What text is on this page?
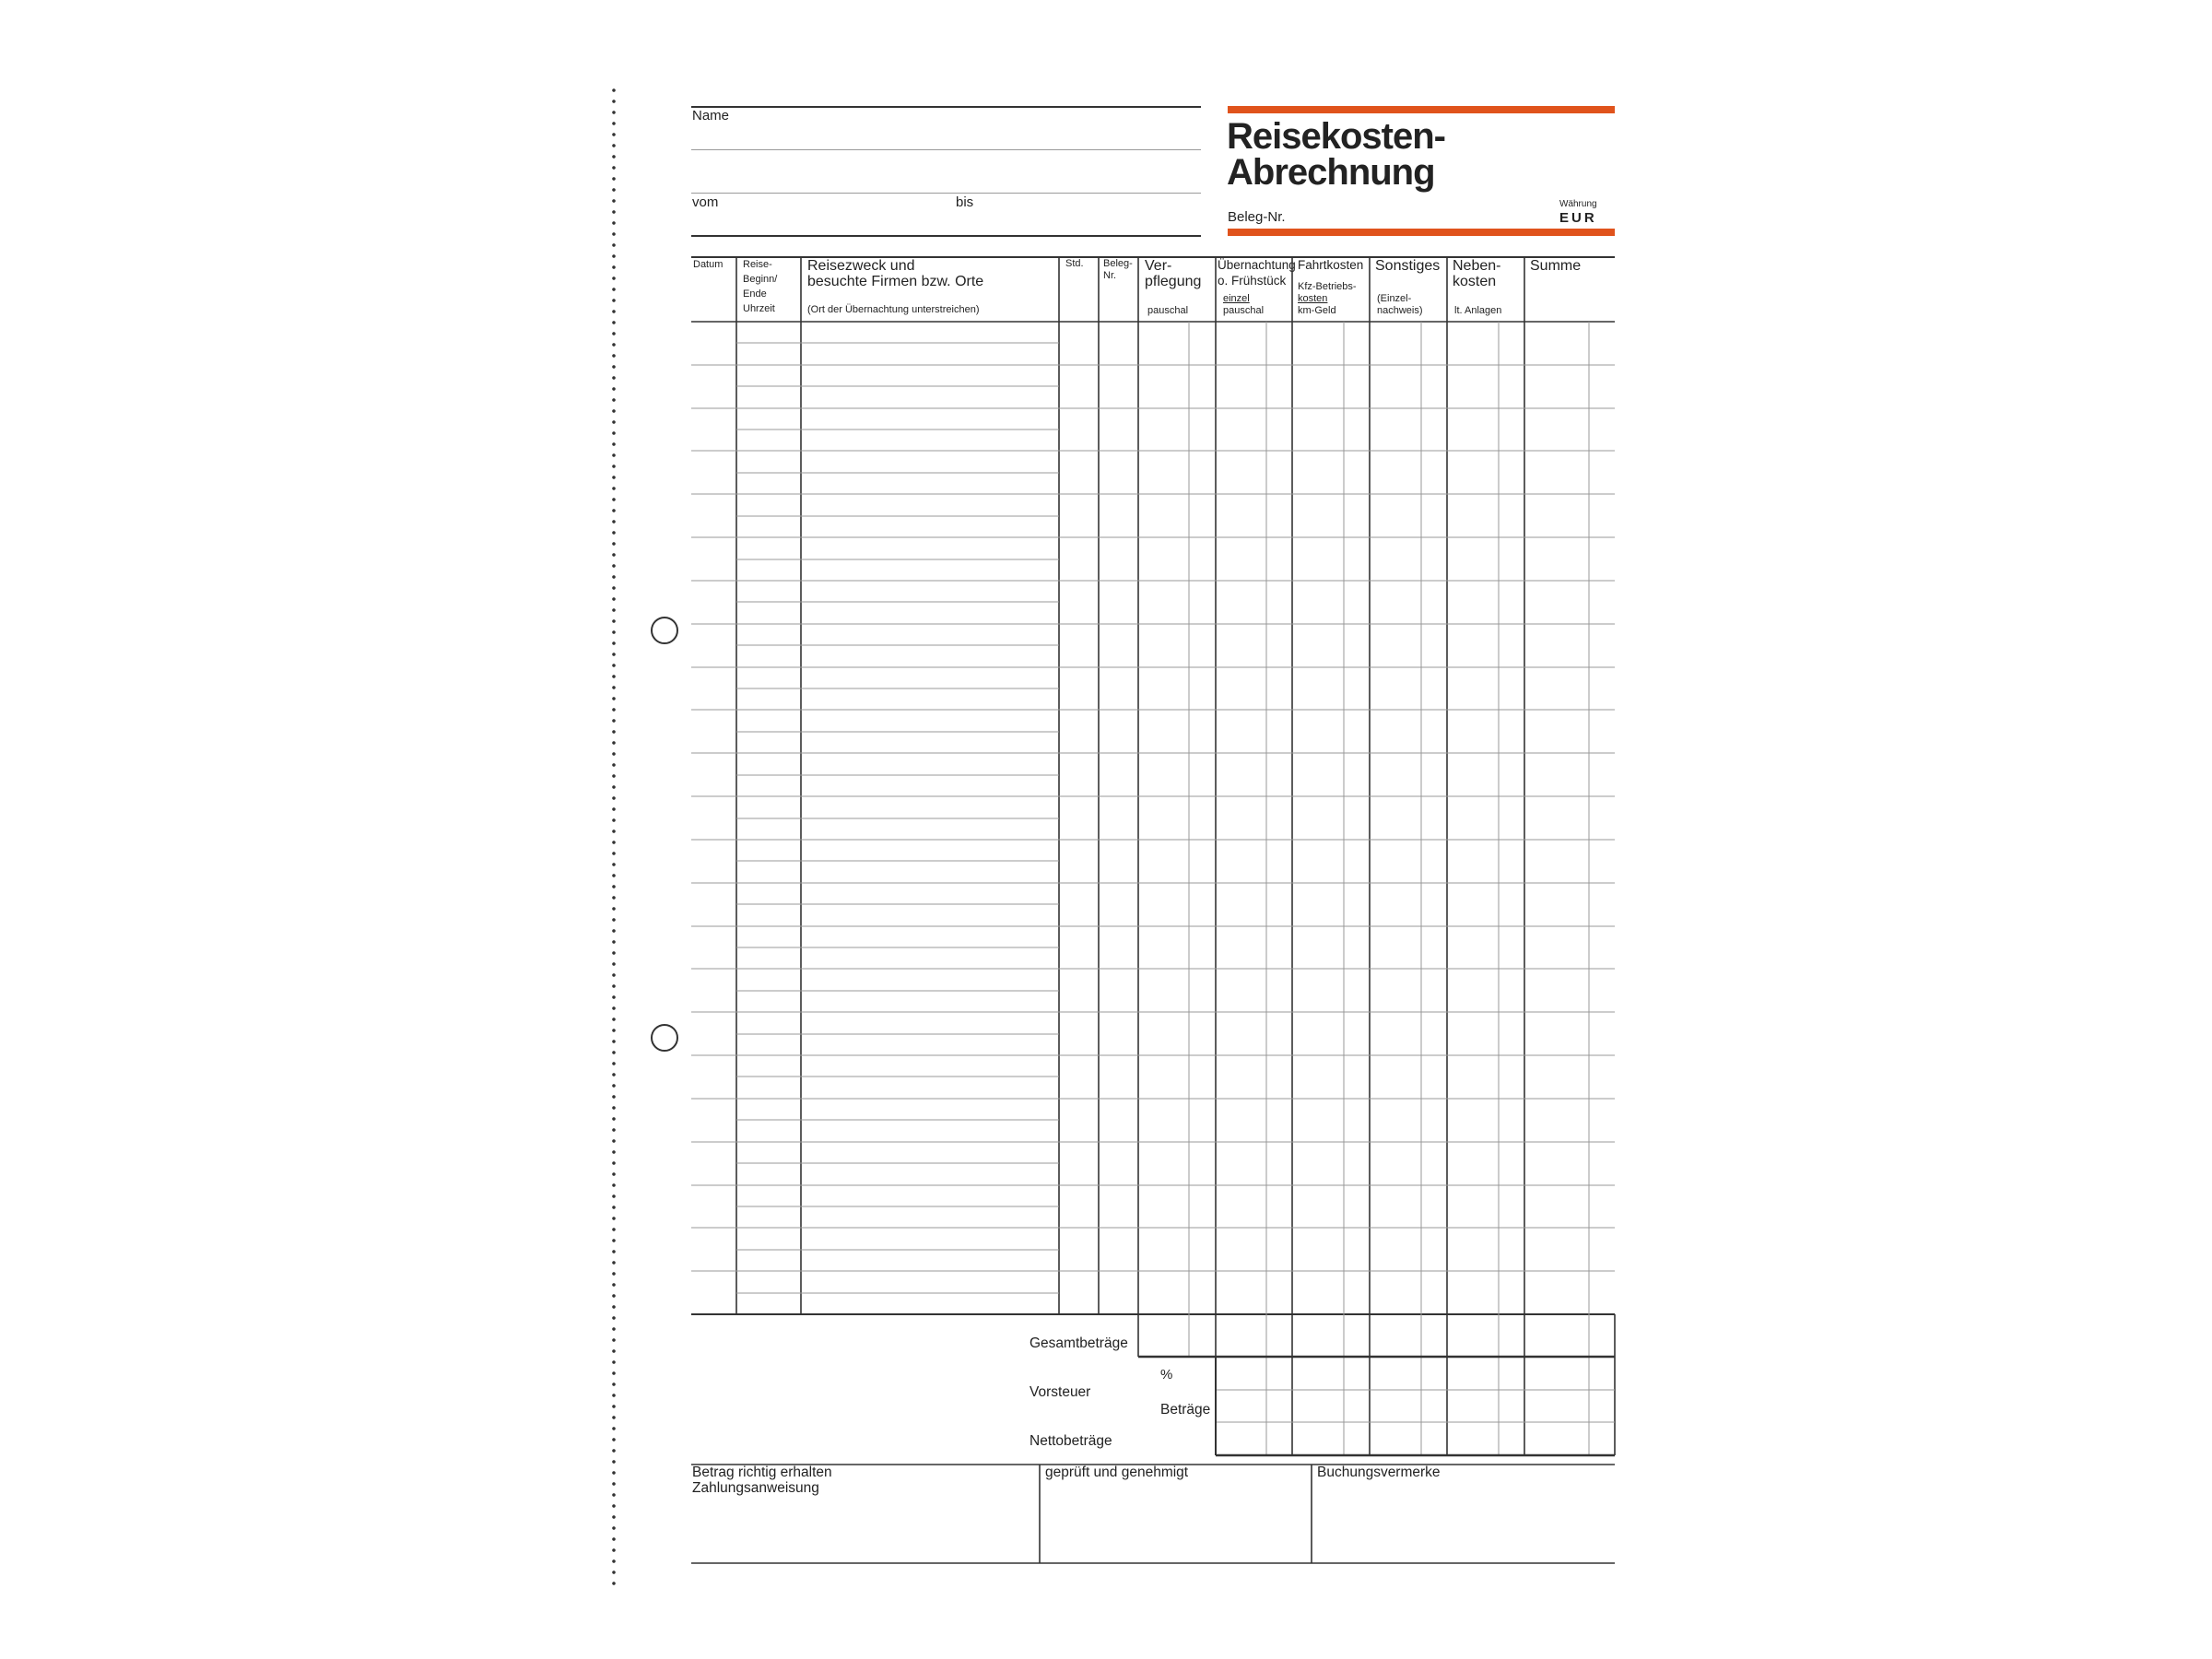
Name
vom	bis
Reisekosten-
Abrechnung
Beleg-Nr.
Währung
EUR
Datum Reise-
Beginn/
Ende
Uhrzeit
Reisezweck und
besuchte Firmen bzw. Orte
(Ort der Übernachtung unterstreichen)
Std. Beleg-
Nr.
Ver-
pflegung
pauschal
Übernachtung
o. Frühstück
einzel
pauschal
Fahrtkosten
Kfz-Betriebs-
kosten
km-Geld
Sonstiges
(Einzel-
nachweis)
Neben-
kosten
lt. Anlagen
Summe
Gesamtbeträge
%
Vorsteuer
Beträge
Nettobeträge
Betrag richtig erhalten
Zahlungsanweisung
geprüft und genehmigt	Buchungsvermerke
